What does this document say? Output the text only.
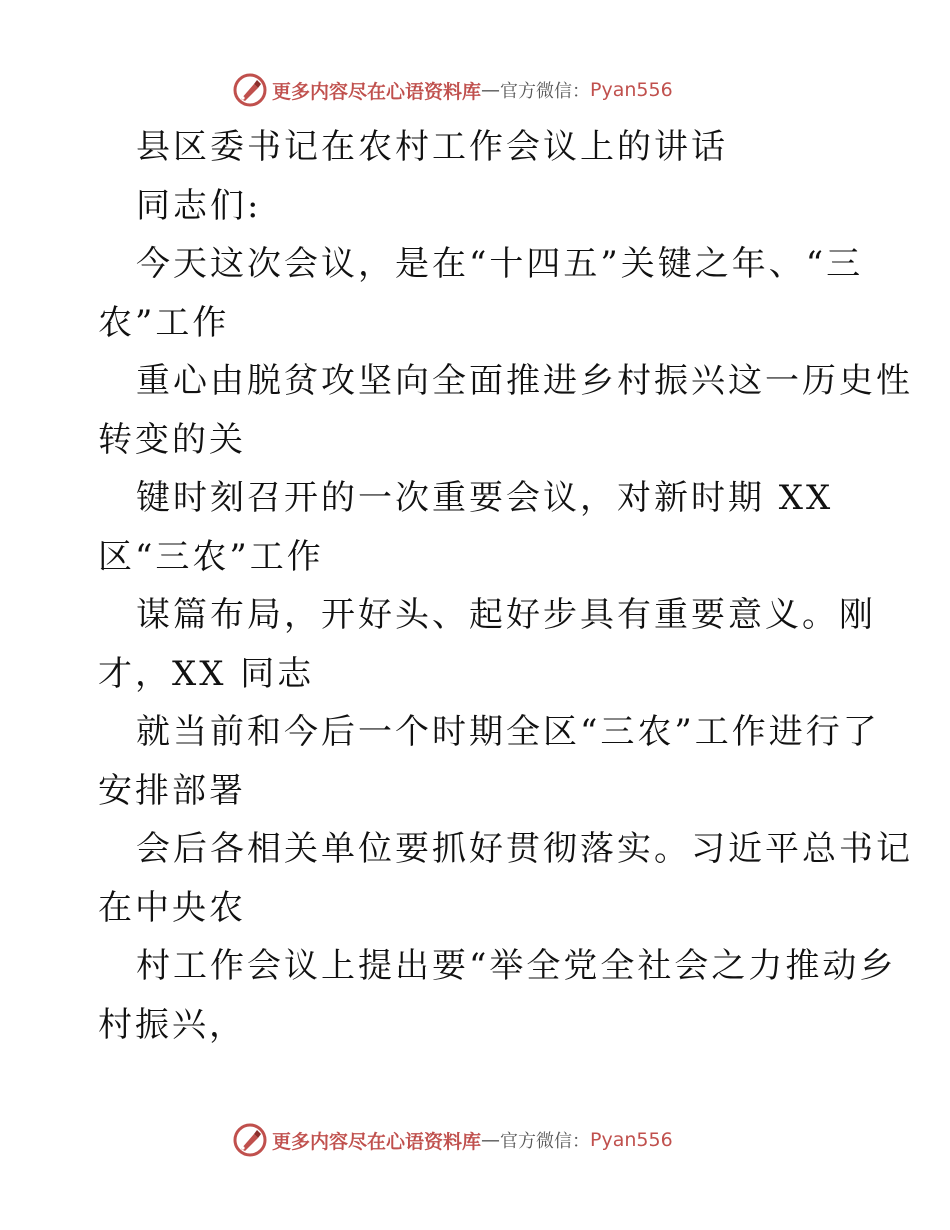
更多内容尽在心语资料库 — 官方微信： Pyan556
县区委书记在农村工作会议上的讲话
同志们:
今天这次会议，是在“十四五”关键之年、“三
农”工作
重心由脱贫攻坚向全面推进乡村振兴这一历史性
转变的关
键时刻召开的一次重要会议，对新时期 XX
区“三农”工作
谋篇布局，开好头、起好步具有重要意义。刚
才，XX 同志
就当前和今后一个时期全区“三农”工作进行了
安排部署
会后各相关单位要抓好贯彻落实。习近平总书记
在中央农
村工作会议上提出要“举全党全社会之力推动乡
村振兴，
更多内容尽在心语资料库 — 官方微信： Pyan556
